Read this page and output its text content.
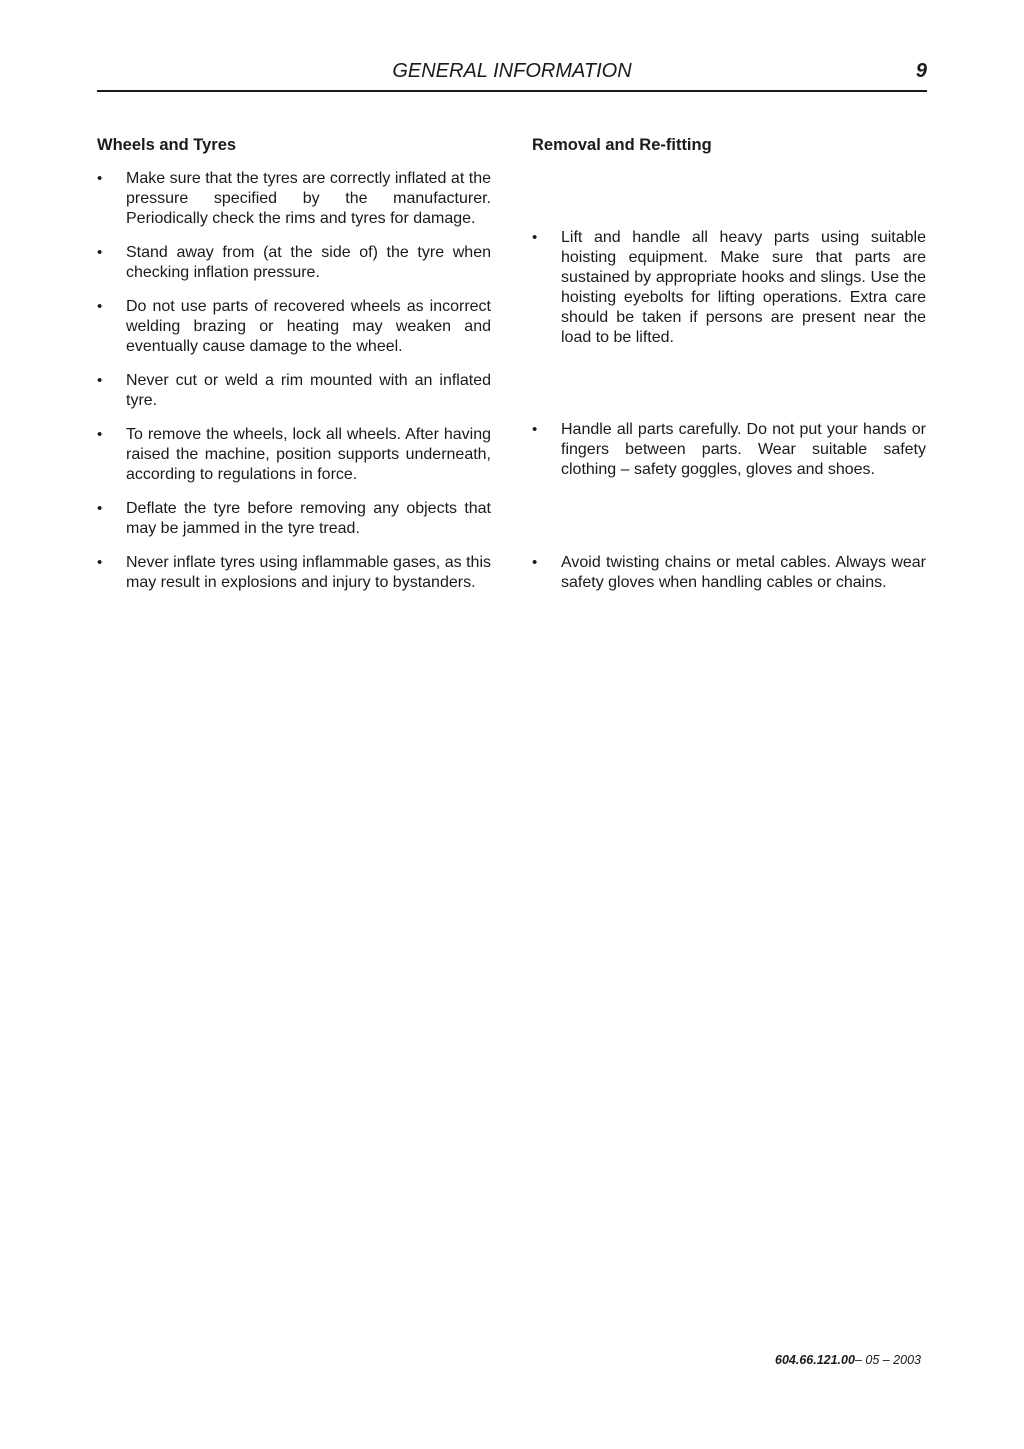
GENERAL INFORMATION	9
Wheels and Tyres
• Make sure that the tyres are correctly inflated at the pressure specified by the manufacturer. Periodically check the rims and tyres for damage.
• Stand away from (at the side of) the tyre when checking inflation pressure.
• Do not use parts of recovered wheels as incorrect welding brazing or heating may weaken and eventually cause damage to the wheel.
• Never cut or weld a rim mounted with an inflated tyre.
• To remove the wheels, lock all wheels. After having raised the machine, position supports underneath, according to regulations in force.
• Deflate the tyre before removing any objects that may be jammed in the tyre tread.
• Never inflate tyres using inflammable gases, as this may result in explosions and injury to bystanders.
Removal and Re-fitting
• Lift and handle all heavy parts using suitable hoisting equipment. Make sure that parts are sustained by appropriate hooks and slings. Use the hoisting eyebolts for lifting operations. Extra care should be taken if persons are present near the load to be lifted.
• Handle all parts carefully. Do not put your hands or fingers between parts. Wear suitable safety clothing – safety goggles, gloves and shoes.
• Avoid twisting chains or metal cables. Always wear safety gloves when handling cables or chains.
604.66.121.00– 05 – 2003
